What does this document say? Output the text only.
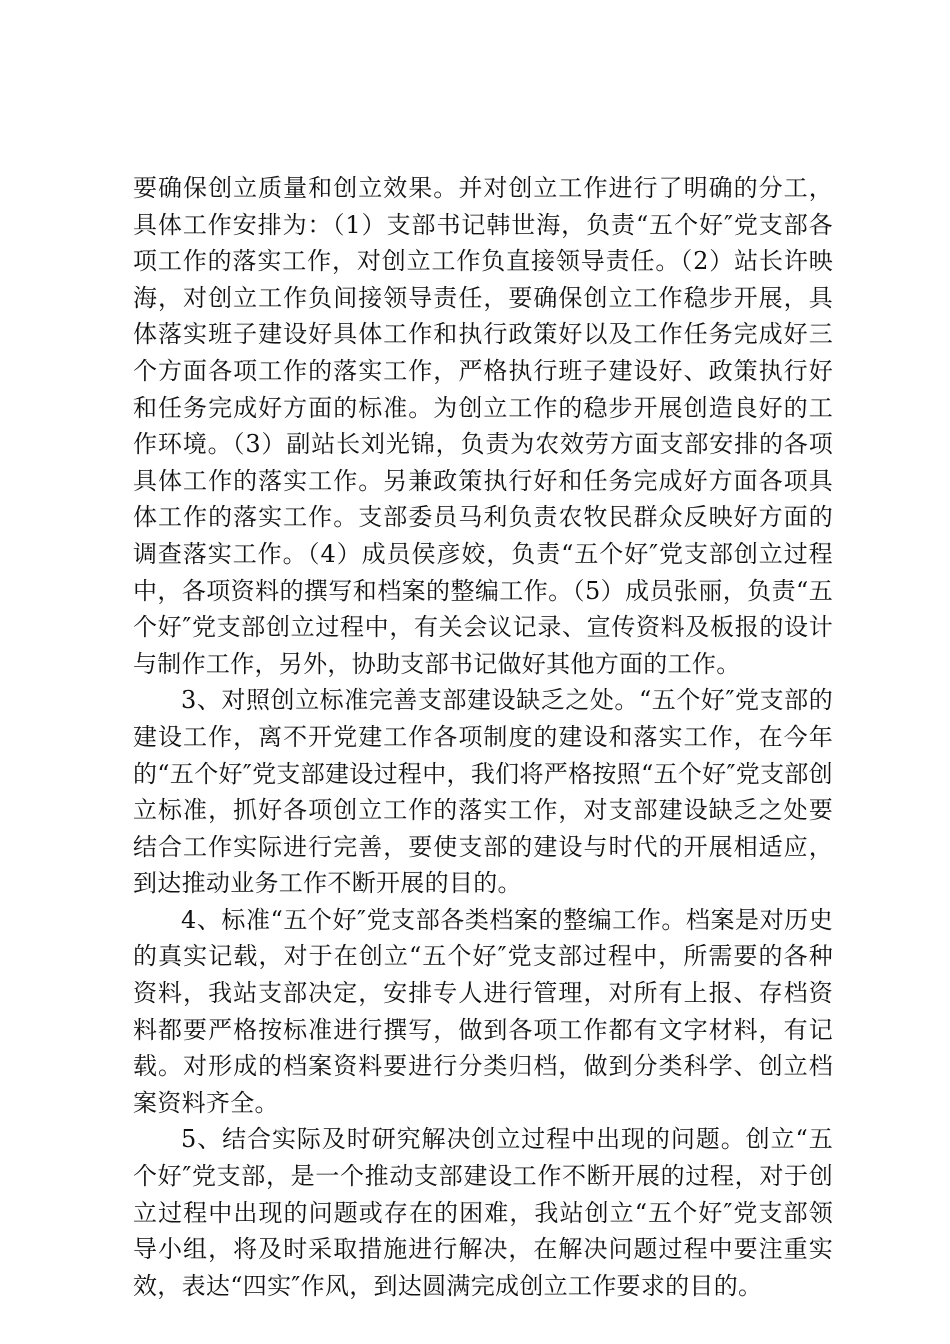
要确保创立质量和创立效果。并对创立工作进行了明确的分工，具体工作安排为：（1）支部书记韩世海，负责“五个好″党支部各项工作的落实工作，对创立工作负直接领导责任。（2）站长许映海，对创立工作负间接领导责任，要确保创立工作稳步开展，具体落实班子建设好具体工作和执行政策好以及工作任务完成好三个方面各项工作的落实工作，严格执行班子建设好、政策执行好和任务完成好方面的标准。为创立工作的稳步开展创造良好的工作环境。（3）副站长刘光锦，负责为农效劳方面支部安排的各项具体工作的落实工作。另兼政策执行好和任务完成好方面各项具体工作的落实工作。支部委员马利负责农牧民群众反映好方面的调查落实工作。（4）成员侯彦姣，负责“五个好″党支部创立过程中，各项资料的撰写和档案的整编工作。（5）成员张丽，负责“五个好″党支部创立过程中，有关会议记录、宣传资料及板报的设计与制作工作，另外，协助支部书记做好其他方面的工作。

3、对照创立标准完善支部建设缺乏之处。“五个好″党支部的建设工作，离不开党建工作各项制度的建设和落实工作，在今年的“五个好″党支部建设过程中，我们将严格按照“五个好″党支部创立标准，抓好各项创立工作的落实工作，对支部建设缺乏之处要结合工作实际进行完善，要使支部的建设与时代的开展相适应，到达推动业务工作不断开展的目的。

4、标准“五个好″党支部各类档案的整编工作。档案是对历史的真实记载，对于在创立“五个好″党支部过程中，所需要的各种资料，我站支部决定，安排专人进行管理，对所有上报、存档资料都要严格按标准进行撰写，做到各项工作都有文字材料，有记载。对形成的档案资料要进行分类归档，做到分类科学、创立档案资料齐全。

5、结合实际及时研究解决创立过程中出现的问题。创立“五个好″党支部，是一个推动支部建设工作不断开展的过程，对于创立过程中出现的问题或存在的困难，我站创立“五个好″党支部领导小组，将及时采取措施进行解决，在解决问题过程中要注重实效，表达“四实″作风，到达圆满完成创立工作要求的目的。
